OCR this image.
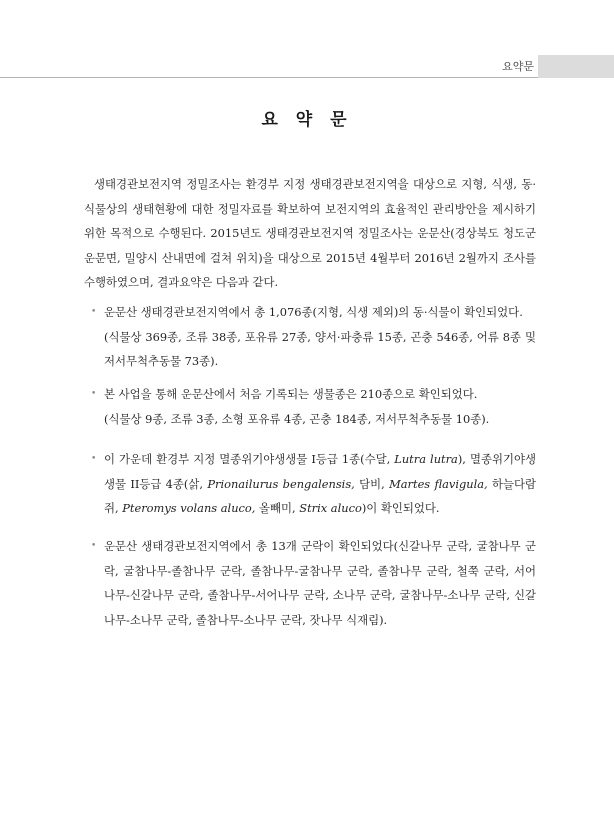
요약문
요 약 문

생태경관보전지역 정밀조사는 환경부 지정 생태경관보전지역을 대상으로 지형, 식생, 동·식물상의 생태현황에 대한 정밀자료를 확보하여 보전지역의 효율적인 관리방안을 제시하기 위한 목적으로 수행된다. 2015년도 생태경관보전지역 정밀조사는 운문산(경상북도 청도군 운문면, 밀양시 산내면에 걸쳐 위치)을 대상으로 2015년 4월부터 2016년 2월까지 조사를 수행하였으며, 결과요약은 다음과 같다.

• 운문산 생태경관보전지역에서 총 1,076종(지형, 식생 제외)의 동·식물이 확인되었다.
(식물상 369종, 조류 38종, 포유류 27종, 양서·파충류 15종, 곤충 546종, 어류 8종 및 저서무척추동물 73종).
• 본 사업을 통해 운문산에서 처음 기록되는 생물종은 210종으로 확인되었다.
(식물상 9종, 조류 3종, 소형 포유류 4종, 곤충 184종, 저서무척추동물 10종).
• 이 가운데 환경부 지정 멸종위기야생생물 I등급 1종(수달, Lutra lutra), 멸종위기야생생물 II등급 4종(삵, Prionailurus bengalensis, 담비, Martes flavigula, 하늘다람쥐, Pteromys volans aluco, 올빼미, Strix aluco)이 확인되었다.
• 운문산 생태경관보전지역에서 총 13개 군락이 확인되었다(신갈나무 군락, 굴참나무 군락, 굴참나무-졸참나무 군락, 졸참나무-굴참나무 군락, 졸참나무 군락, 철쭉 군락, 서어나무-신갈나무 군락, 졸참나무-서어나무 군락, 소나무 군락, 굴참나무-소나무 군락, 신갈나무-소나무 군락, 졸참나무-소나무 군락, 잣나무 식재림).
